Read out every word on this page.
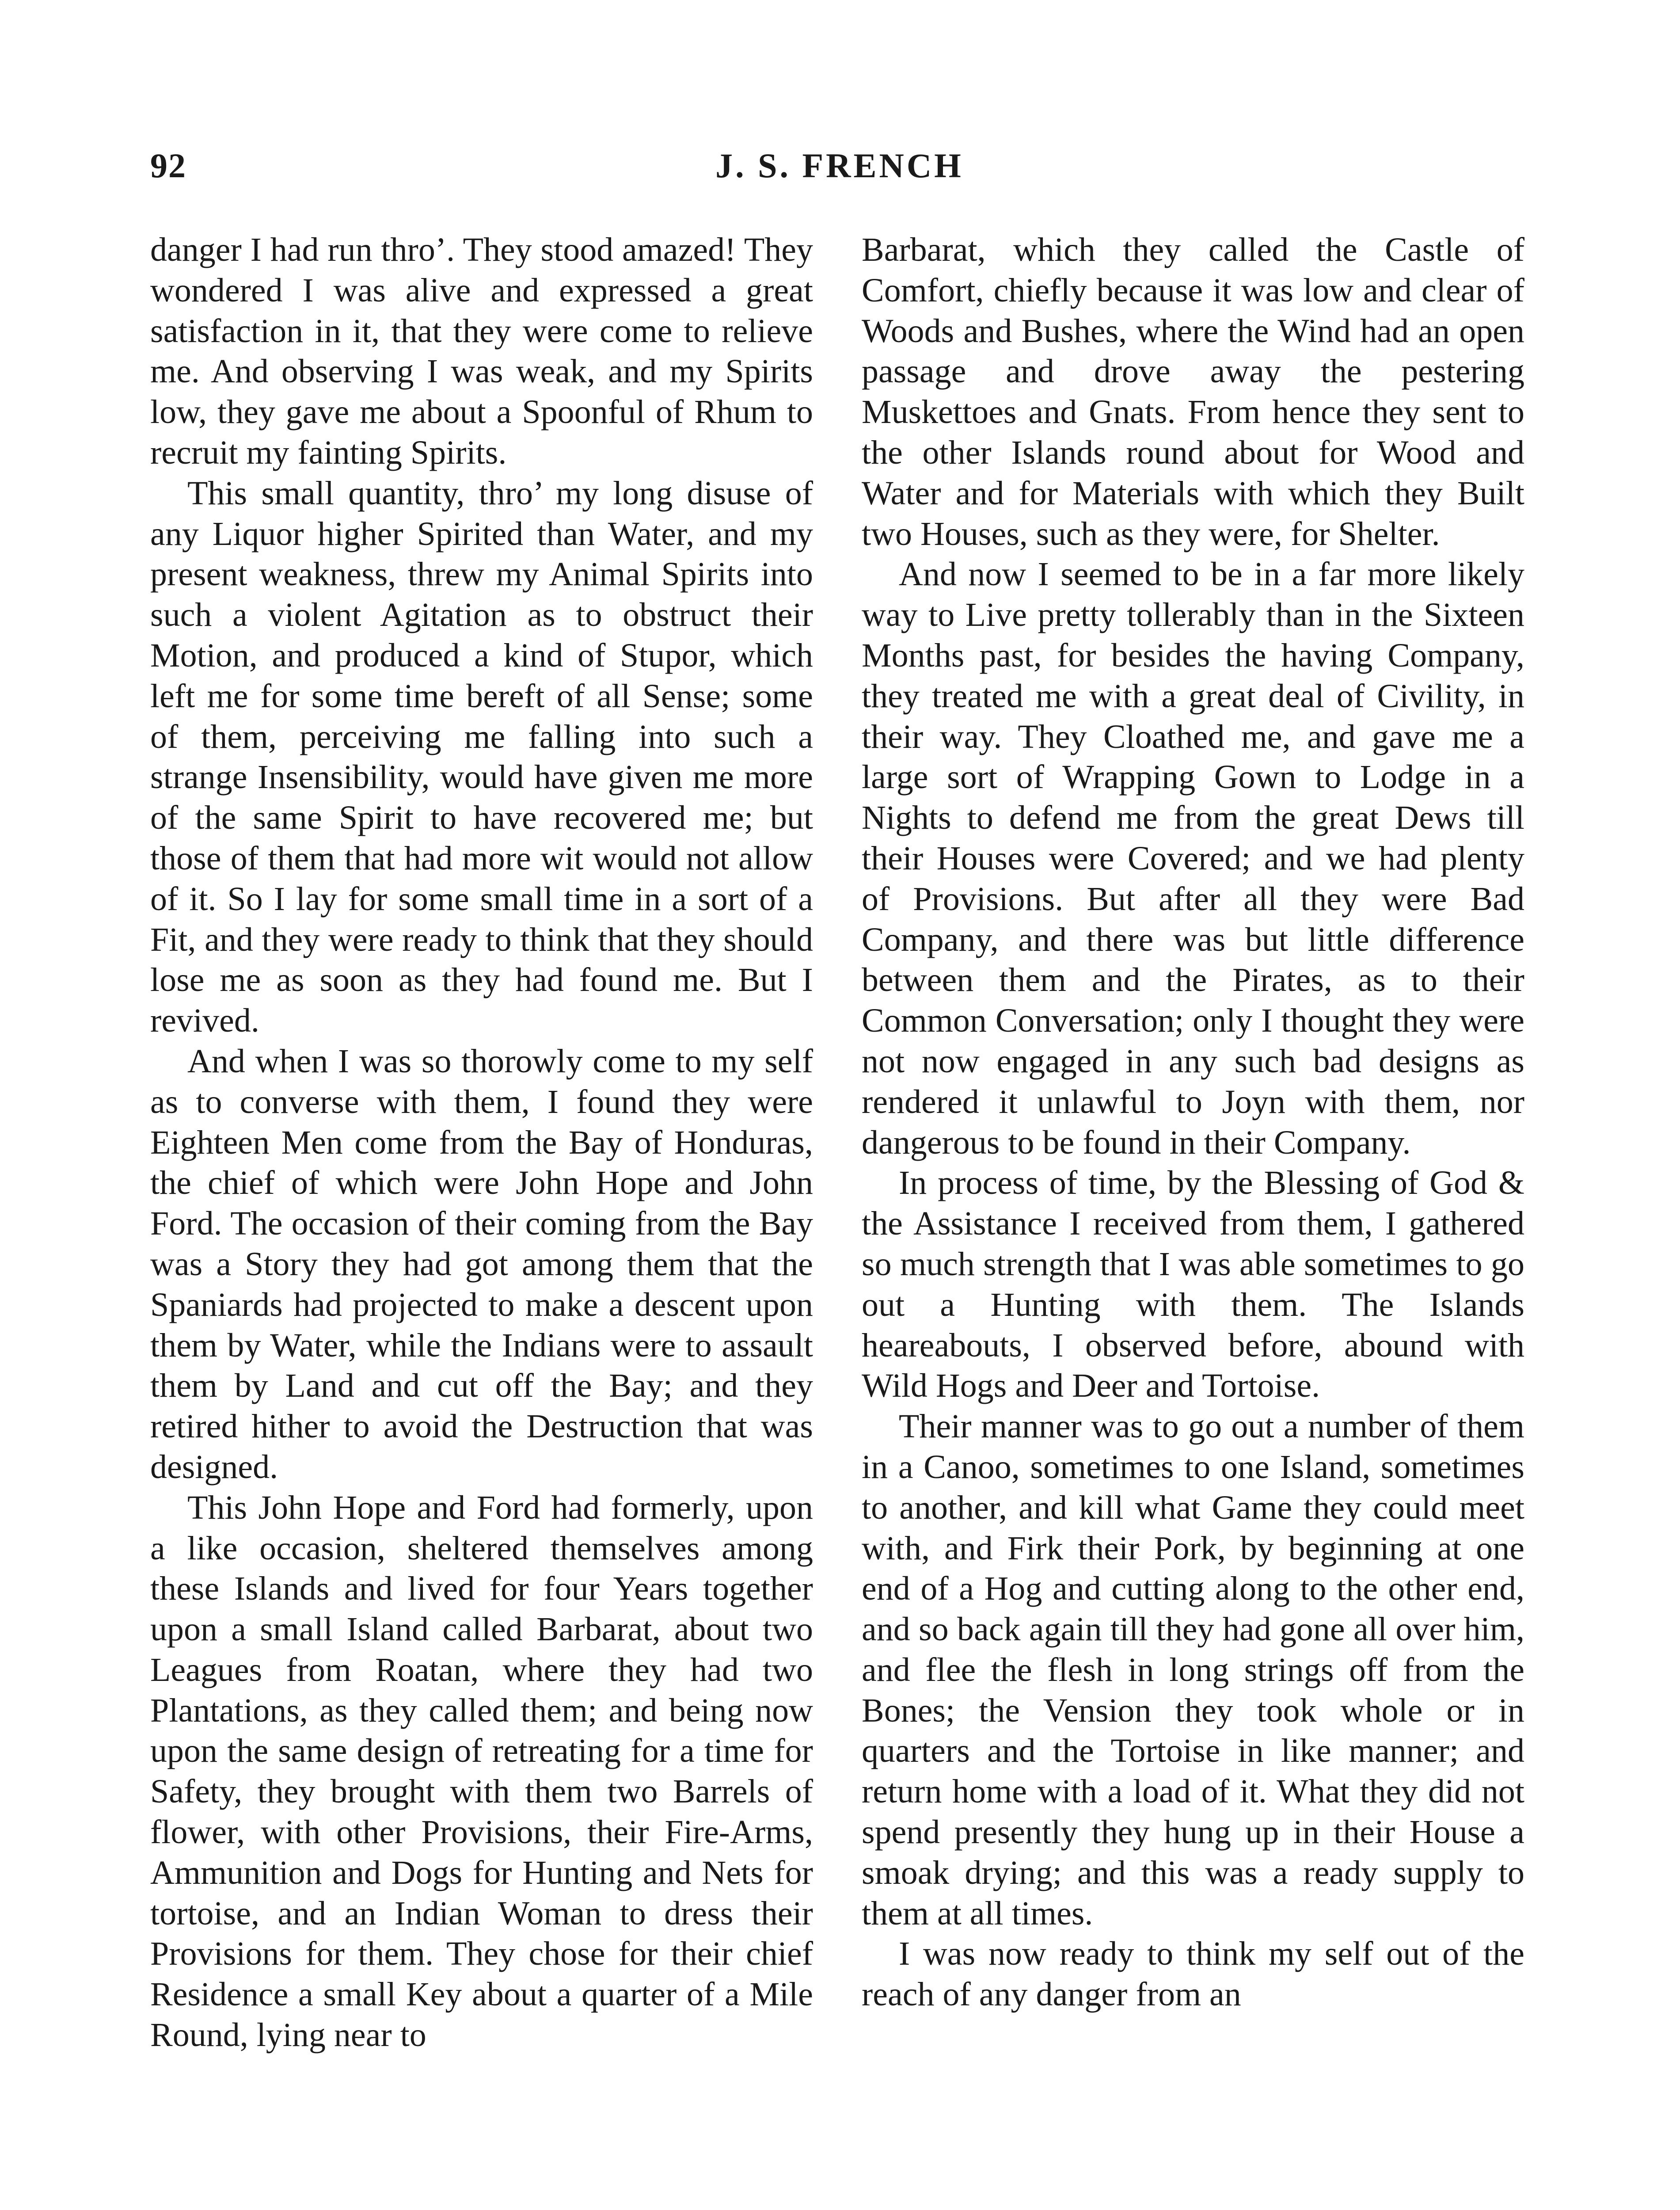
92	J. S. FRENCH

danger I had run thro’. They stood amazed! They wondered I was alive and expressed a great satisfaction in it, that they were come to relieve me. And observing I was weak, and my Spirits low, they gave me about a Spoonful of Rhum to recruit my fainting Spirits.

This small quantity, thro’ my long disuse of any Liquor higher Spirited than Water, and my present weakness, threw my Animal Spirits into such a violent Agitation as to obstruct their Motion, and produced a kind of Stupor, which left me for some time bereft of all Sense; some of them, perceiving me falling into such a strange Insensibility, would have given me more of the same Spirit to have recovered me; but those of them that had more wit would not allow of it. So I lay for some small time in a sort of a Fit, and they were ready to think that they should lose me as soon as they had found me. But I revived.

And when I was so thorowly come to my self as to converse with them, I found they were Eighteen Men come from the Bay of Honduras, the chief of which were John Hope and John Ford. The occasion of their coming from the Bay was a Story they had got among them that the Spaniards had projected to make a descent upon them by Water, while the Indians were to assault them by Land and cut off the Bay; and they retired hither to avoid the Destruction that was designed.

This John Hope and Ford had formerly, upon a like occasion, sheltered themselves among these Islands and lived for four Years together upon a small Island called Barbarat, about two Leagues from Roatan, where they had two Plantations, as they called them; and being now upon the same design of retreating for a time for Safety, they brought with them two Barrels of flower, with other Provisions, their Fire-Arms, Ammunition and Dogs for Hunting and Nets for tortoise, and an Indian Woman to dress their Provisions for them. They chose for their chief Residence a small Key about a quarter of a Mile Round, lying near to

Barbarat, which they called the Castle of Comfort, chiefly because it was low and clear of Woods and Bushes, where the Wind had an open passage and drove away the pestering Muskettoes and Gnats. From hence they sent to the other Islands round about for Wood and Water and for Materials with which they Built two Houses, such as they were, for Shelter.

And now I seemed to be in a far more likely way to Live pretty tollerably than in the Sixteen Months past, for besides the having Company, they treated me with a great deal of Civility, in their way. They Cloathed me, and gave me a large sort of Wrapping Gown to Lodge in a Nights to defend me from the great Dews till their Houses were Covered; and we had plenty of Provisions. But after all they were Bad Company, and there was but little difference between them and the Pirates, as to their Common Conversation; only I thought they were not now engaged in any such bad designs as rendered it unlawful to Joyn with them, nor dangerous to be found in their Company.

In process of time, by the Blessing of God & the Assistance I received from them, I gathered so much strength that I was able sometimes to go out a Hunting with them. The Islands heareabouts, I observed before, abound with Wild Hogs and Deer and Tortoise.

Their manner was to go out a number of them in a Canoo, sometimes to one Island, sometimes to another, and kill what Game they could meet with, and Firk their Pork, by beginning at one end of a Hog and cutting along to the other end, and so back again till they had gone all over him, and flee the flesh in long strings off from the Bones; the Vension they took whole or in quarters and the Tortoise in like manner; and return home with a load of it. What they did not spend presently they hung up in their House a smoak drying; and this was a ready supply to them at all times.

I was now ready to think my self out of the reach of any danger from an
